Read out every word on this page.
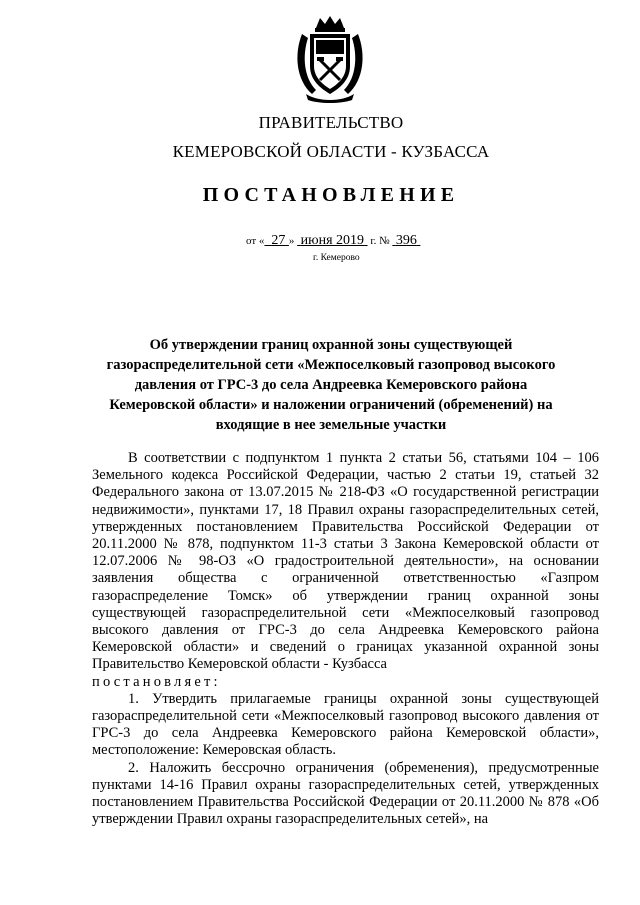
ПРАВИТЕЛЬСТВО
КЕМЕРОВСКОЙ ОБЛАСТИ - КУЗБАССА
ПОСТАНОВЛЕНИЕ
от « 27 » июня 2019 г. № 396
г. Кемерово
Об утверждении границ охранной зоны существующей газораспределительной сети «Межпоселковый газопровод высокого давления от ГРС-3 до села Андреевка Кемеровского района Кемеровской области» и наложении ограничений (обременений) на входящие в нее земельные участки

В соответствии с подпунктом 1 пункта 2 статьи 56, статьями 104 – 106 Земельного кодекса Российской Федерации, частью 2 статьи 19, статьей 32 Федерального закона от 13.07.2015 № 218-ФЗ «О государственной регистрации недвижимости», пунктами 17, 18 Правил охраны газораспределительных сетей, утвержденных постановлением Правительства Российской Федерации от 20.11.2000 № 878, подпунктом 11-3 статьи 3 Закона Кемеровской области от 12.07.2006 № 98-ОЗ «О градостроительной деятельности», на основании заявления общества с ограниченной ответственностью «Газпром газораспределение Томск» об утверждении границ охранной зоны существующей газораспределительной сети «Межпоселковый газопровод высокого давления от ГРС-3 до села Андреевка Кемеровского района Кемеровской области» и сведений о границах указанной охранной зоны Правительство Кемеровской области - Кузбасса

постановляет:

1. Утвердить прилагаемые границы охранной зоны существующей газораспределительной сети «Межпоселковый газопровод высокого давления от ГРС-3 до села Андреевка Кемеровского района Кемеровской области», местоположение: Кемеровская область.

2. Наложить бессрочно ограничения (обременения), предусмотренные пунктами 14-16 Правил охраны газораспределительных сетей, утвержденных постановлением Правительства Российской Федерации от 20.11.2000 № 878 «Об утверждении Правил охраны газораспределительных сетей», на
